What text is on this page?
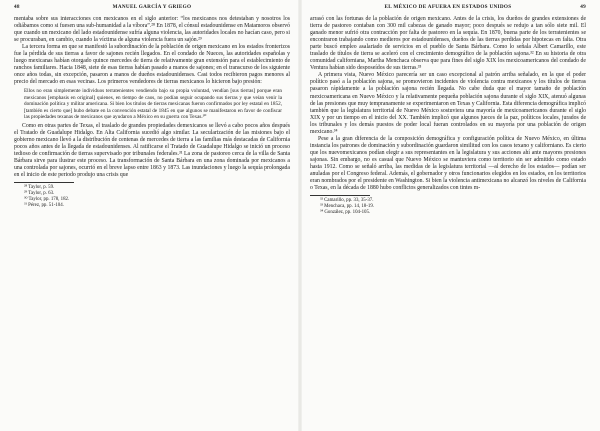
48	MANUEL GARCÍA Y GRIEGO

mentaba sobre sus interacciones con mexicanos en el siglo anterior: “los mexicanos nos detestaban y nosotros los odiábamos como si fuesen una sub-humanidad a la víbora”.²⁸ En 1878, el cónsul estadounidense en Matamoros observó que cuando un mexicano del lado estadounidense sufría alguna violencia, las autoridades locales no hacían caso, pero si se procuraban, en cambio, cuando la víctima de alguna violencia fuera un sajón.²⁹

La tercera forma en que se manifestó la subordinación de la población de origen mexicano en los estados fronterizos fue la pérdida de sus tierras a favor de sajones recién llegados. En el condado de Nueces, las autoridades españolas y luego mexicanas habían otorgado quince mercedes de tierra de relativamente gran extensión para el establecimiento de ranchos familiares. Hacia 1848, siete de esas tierras habían pasado a manos de sajones; en el transcurso de los siguiente once años todas, sin excepción, pasaron a manos de dueños estadounidenses. Casi todos recibieron pagos menores al precio del mercado en esas vecinas. Los primeros vendedores de tierras mexicanos lo hicieron bajo presión:

Ellos no eran simplemente individuos terratenientes vendiendo bajo su propia voluntad, vendían [sus tierras] porque eran mexicanos [emphasis en original] quienes, en tiempo de caos, no podían seguir ocupando sus tierras y que veían venir la dominación política y militar americana. Si bien los títulos de tierras mexicanas fueron confirmados por ley estatal en 1852, [también es cierto que] hubo debate en la convención estatal de 1845 en que algunos se manifestaron en favor de confiscar las propiedades texanas de mexicanos que ayudaron a México en su guerra con Texas.³⁰

Como en otras partes de Texas, el traslado de grandes propiedades demexicanos se llevó a cabo pocos años después el Tratado de Guadalupe Hidalgo. En Alta California sucedió algo similar. La secularización de las misiones bajo el gobierno mexicano llevó a la distribución de centenas de mercedes de tierra a las familias más destacadas de California pocos años antes de la llegada de estadounidenses. Al ratificarse el Tratado de Guadalupe Hidalgo se inició un proceso tedioso de confirmación de tierras supervisado por tribunales federales.³¹ La zona de pastoreo cerca de la villa de Santa Bárbara sirve para ilustrar este proceso. La transformación de Santa Bárbara en una zona dominada por mexicanos a una controlada por sajones, ocurrió en el breve lapso entre 1863 y 1873. Las inundaciones y luego la sequía prolongada en el inicio de este periodo produjo una crisis que

²⁸ Taylor, p. 59.
²⁹ Taylor, p. 63.
³⁰ Taylor, pp. 178, 182.
³¹ Pérez, pp. 51-104.
EL MÉXICO DE AFUERA EN ESTADOS UNIDOS	49

arrasó con las fortunas de la población de origen mexicano. Antes de la crisis, los dueños de grandes extensiones de tierra de pastoreo contaban con 300 mil cabezas de ganado mayor; poco después se redujo a tan sólo siete mil. El ganado menor sufrió otra contracción por falta de pastoreo en la sequía. En 1870, buena parte de los terratenientes se encontraron trabajando como medieros por estadounidenses, dueños de las tierras perdidas por hipotecas en falta. Otra parte buscó empleo asalariado de servicios en el pueblo de Santa Bárbara. Como lo señala Albert Camarillo, este traslado de títulos de tierra se aceleró con el crecimiento demográfico de la población sajona.³² En su historia de otra comunidad californiana, Martha Menchaca observa que para fines del siglo XIX los mexicoamericanos del condado de Ventura habían sido desposeídos de sus tierras.³³

A primera vista, Nuevo México parecería ser un caso excepcional al patrón arriba señalado, en la que el poder político pasó a la población sajona, se promovieron incidentes de violencia contra mexicanos y los títulos de tierras pasaron rápidamente a la población sajona recién llegada. No cabe duda que el mayor tamaño de población mexicoamericana en Nuevo México y la relativamente pequeña población sajona durante el siglo XIX, atenuó algunas de las presiones que muy tempranamente se experimentaron en Texas y California. Esta diferencia demográfica implicó también que la legislatura territorial de Nuevo México sostuviera una mayoría de mexicoamericanos durante el siglo XIX y por un tiempo en el inicio del XX. También implicó que algunos jueces de la paz, políticos locales, jurados de los tribunales y los demás puestos de poder local fueran controlados en su mayoría por una población de origen mexicano.³⁴

Pese a la gran diferencia de la composición demográfica y configuración política de Nuevo México, en última instancia los patrones de dominación y subordinación guardaron similitud con los casos texano y californiano. Es cierto que los nuevomexicanos podían elegir a sus representantes en la legislatura y sus acciones ahí ante mayores presiones sajonas. Sin embargo, no es casual que Nuevo México se mantuviera como territorio sin ser admitido como estado hasta 1912. Como se señaló arriba, las medidas de la legislatura territorial —al derecho de los estados— podían ser anuladas por el Congreso federal. Además, el gobernador y otros funcionarios elegidos en los estados, en los territorios eran nombrados por el presidente en Washington. Si bien la violencia antimexicana no alcanzó los niveles de California o Texas, en la década de 1880 hubo conflictos generalizados con tintes m-

³² Camarillo, pp. 33, 35-37.
³³ Menchaca, pp. 14, 18-19.
³⁴ González, pp. 104-105.
